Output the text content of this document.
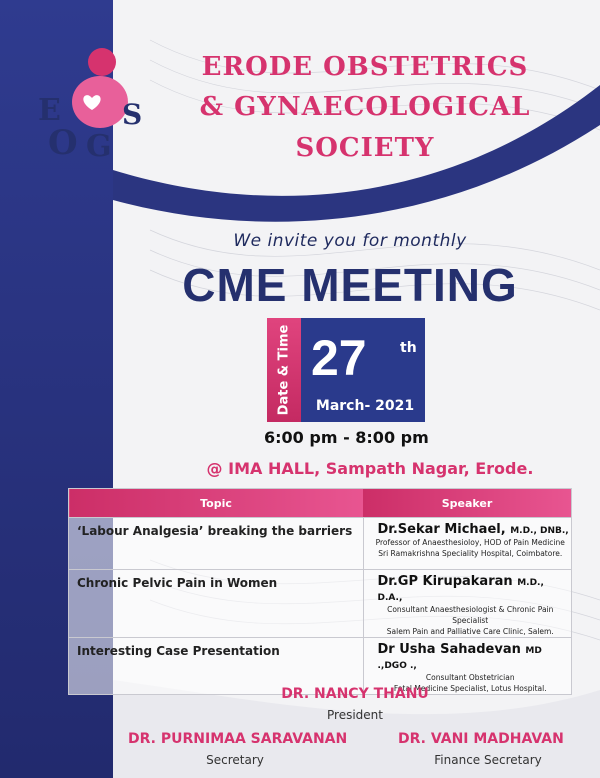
E
O G
S
ERODE OBSTETRICS
& GYNAECOLOGICAL
SOCIETY
We invite you for monthly
CME MEETING
Date & Time 27 th
March- 2021
6:00 pm - 8:00 pm
@ IMA HALL, Sampath Nagar, Erode.
Topic	Speaker

‘Labour Analgesia’ breaking the barriers	Dr.Sekar Michael, M.D., DNB.,
Professor of Anaesthesioloy, HOD of Pain Medicine
Sri Ramakrishna Speciality Hospital, Coimbatore.

Chronic Pelvic Pain in Women	Dr.GP Kirupakaran M.D., D.A.,
Consultant Anaesthesiologist & Chronic Pain Specialist
Salem Pain and Palliative Care Clinic, Salem.

Interesting Case Presentation	Dr Usha Sahadevan MD .,DGO .,
Consultant Obstetrician
Fetal Medicine Specialist, Lotus Hospital.
DR. NANCY THANU
President
DR. PURNIMAA SARAVANAN
Secretary
DR. VANI MADHAVAN
Finance Secretary
